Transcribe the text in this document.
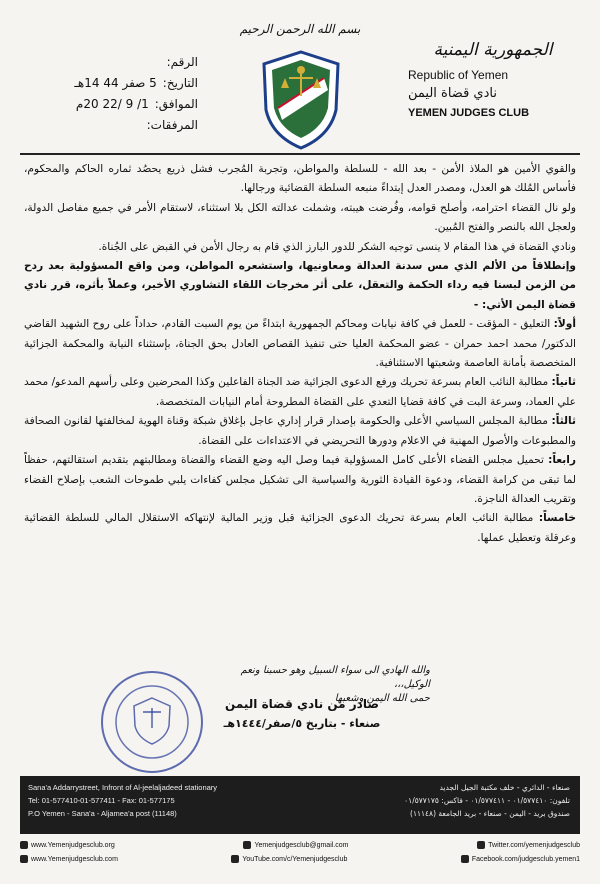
بسم الله الرحمن الرحيم
الجمهورية اليمنية
Republic of Yemen
نادي قضاة اليمن
YEMEN JUDGES CLUB
الرقم:
التاريخ:
5 صفر 44 14هـ
الموافق:
1/ 9 /22 20م
المرفقات:

والقوي الأمين هو الملاذ الأمن - بعد الله - للسلطة والمواطن، وتجربة المُجرب فشل ذريع يحصُد ثماره الحاكم والمحكوم، فأساس المُلك هو العدل، ومصدر العدل إبتداءً منبعه السلطة القضائية ورجالها.

ولو نال القضاء احترامه، وأصلح قوامه، وفُرضت هيبته، وشملت عدالته الكل بلا استثناء، لاستقام الأمر في جميع مفاصل الدولة، ولعجل الله بالنصر والفتح المُبين.

ونادي القضاة في هذا المقام لا ينسى توجيه الشكر للدور البارز الذي قام به رجال الأمن في القبض على الجُناة.

وإنطلاقاً من الألم الذي مس سدنة العدالة ومعاونيها، واستشعره المواطن، ومن واقع المسؤولية بعد ردح من الزمن لبسنا فيه رداء الحكمة والتعقل، على أثر مخرجات اللقاء التشاوري الأخير، وعملاً بأثره، قرر نادي قضاة اليمن الأتي: -

أولاً: التعليق - المؤقت - للعمل في كافة نيابات ومحاكم الجمهورية ابتداءً من يوم السبت القادم، حداداً على روح الشهيد القاضي الدكتور/ محمد احمد حمران - عضو المحكمة العليا حتى تنفيذ القصاص العادل بحق الجناة، بإستثناء النيابة والمحكمة الجزائية المتخصصة بأمانة العاصمة وشعبتها الاستئنافية.

ثانياً: مطالبة النائب العام بسرعة تحريك ورفع الدعوى الجزائية ضد الجناة الفاعلين وكذا المحرضين وعلى رأسهم المدعو/ محمد علي العماد، وسرعة البت في كافة قضايا التعدي على القضاة المطروحة أمام النيابات المتخصصة.

ثالثاً: مطالبة المجلس السياسي الأعلى والحكومة بإصدار قرار إداري عاجل بإغلاق شبكة وقناة الهوية لمخالفتها لقانون الصحافة والمطبوعات والأصول المهنية في الاعلام ودورها التحريضي في الاعتداءات على القضاة.

رابعاً: تحميل مجلس القضاء الأعلى كامل المسؤولية فيما وصل اليه وضع القضاء والقضاة ومطالبتهم بتقديم استقالتهم، حفظاً لما تبقى من كرامة القضاء، ودعوة القيادة الثورية والسياسية الى تشكيل مجلس كفاءات يلبي طموحات الشعب بإصلاح القضاء وتقريب العدالة الناجزة.

خامساً: مطالبة النائب العام بسرعة تحريك الدعوى الجزائية قبل وزير المالية لإنتهاكه الاستقلال المالي للسلطة القضائية وعرقلة وتعطيل عملها.

والله الهادي الى سواء السبيل وهو حسبنا ونعم الوكيل،،،
حمى الله اليمن وشعبها
صادر من نادي قضاة اليمن
صنعاء - بتاريخ ٥/صفر/١٤٤٤هـ
Sana'a Addarrystreet, Infront of Al-jeelaljadeed stationary
Tel: 01-577410-01-577411 - Fax: 01-577175
P.O Yemen - Sana'a - Aljamea'a post (11148)
صنعاء - الدائري - خلف مكتبة الجيل الجديد
تلفون: ٠١/٥٧٧٤١٠ - ٠١/٥٧٧٤١١ - فاكس: ٠١/٥٧٧١٧٥
صندوق بريد - اليمن - صنعاء - بريد الجامعة (١١١٤٨)
www.Yemenjudgesclub.org	Yemenjudgesclub@gmail.com	Twitter.com/yemenjudgesclub
www.Yemenjudgesclub.com	YouTube.com/c/Yemenjudgesclub	Facebook.com/judgesclub.yemen1
